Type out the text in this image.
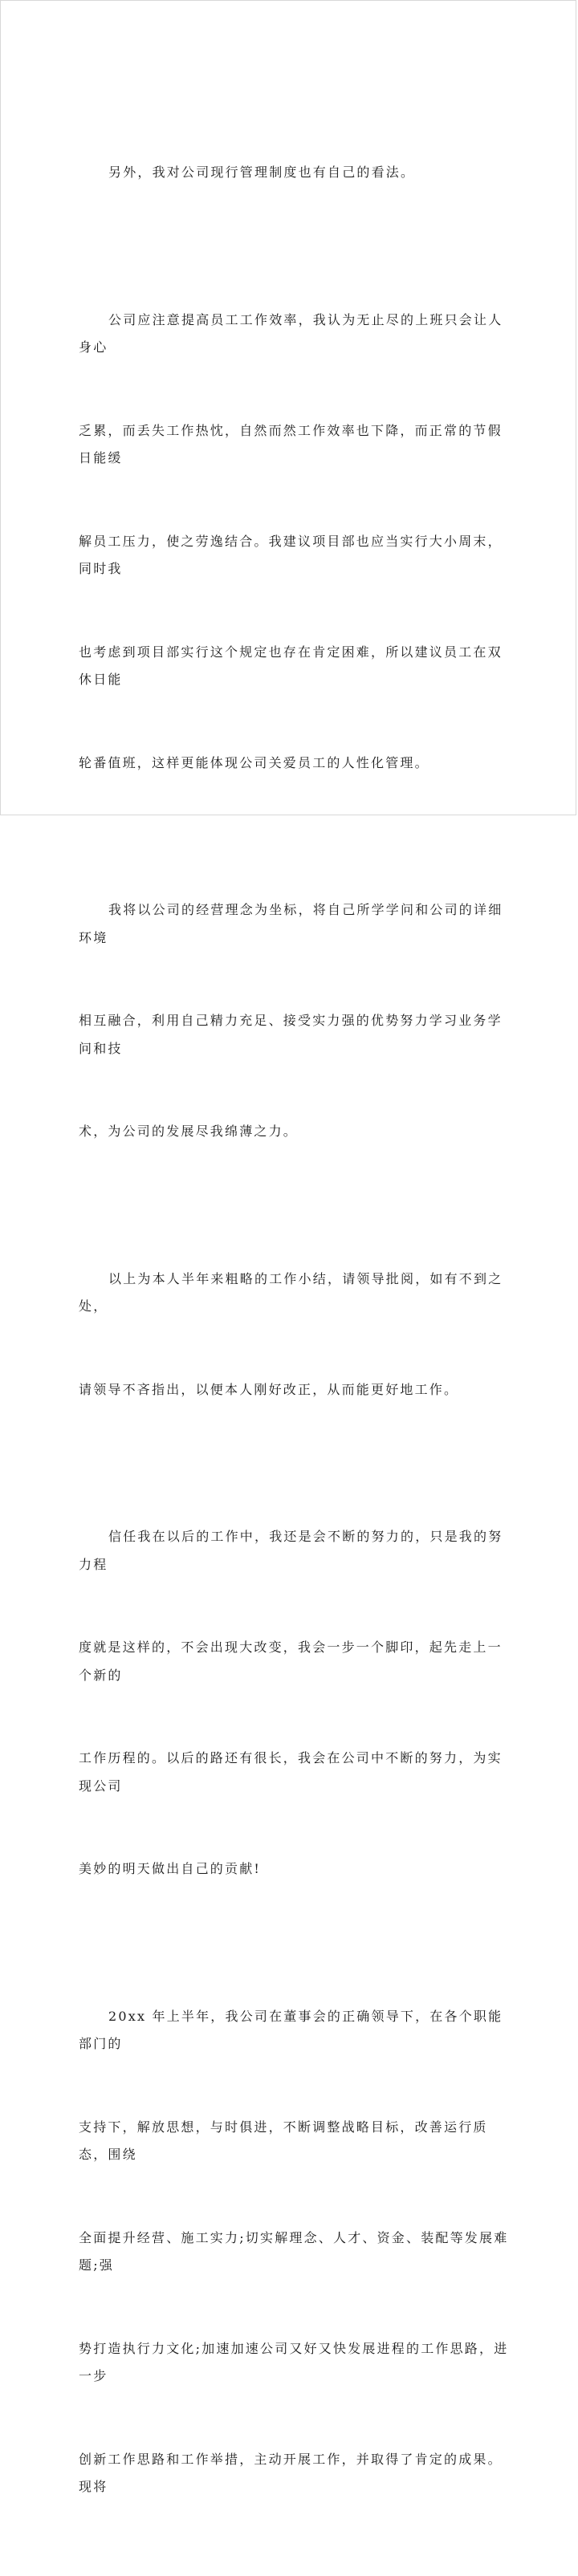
另外，我对公司现行管理制度也有自己的看法。

公司应注意提高员工工作效率，我认为无止尽的上班只会让人身心

乏累，而丢失工作热忱，自然而然工作效率也下降，而正常的节假日能缓

解员工压力，使之劳逸结合。我建议项目部也应当实行大小周末，同时我

也考虑到项目部实行这个规定也存在肯定困难，所以建议员工在双休日能

轮番值班，这样更能体现公司关爱员工的人性化管理。

我将以公司的经营理念为坐标，将自己所学学问和公司的详细环境

相互融合，利用自己精力充足、接受实力强的优势努力学习业务学问和技

术，为公司的发展尽我绵薄之力。

以上为本人半年来粗略的工作小结，请领导批阅，如有不到之处，

请领导不吝指出，以便本人刚好改正，从而能更好地工作。

信任我在以后的工作中，我还是会不断的努力的，只是我的努力程

度就是这样的，不会出现大改变，我会一步一个脚印，起先走上一个新的

工作历程的。以后的路还有很长，我会在公司中不断的努力，为实现公司

美妙的明天做出自己的贡献!

20xx 年上半年，我公司在董事会的正确领导下，在各个职能部门的

支持下，解放思想，与时俱进，不断调整战略目标，改善运行质态，围绕

全面提升经营、施工实力;切实解理念、人才、资金、装配等发展难题;强

势打造执行力文化;加速加速公司又好又快发展进程的工作思路，进一步

创新工作思路和工作举措，主动开展工作，并取得了肯定的成果。现将
